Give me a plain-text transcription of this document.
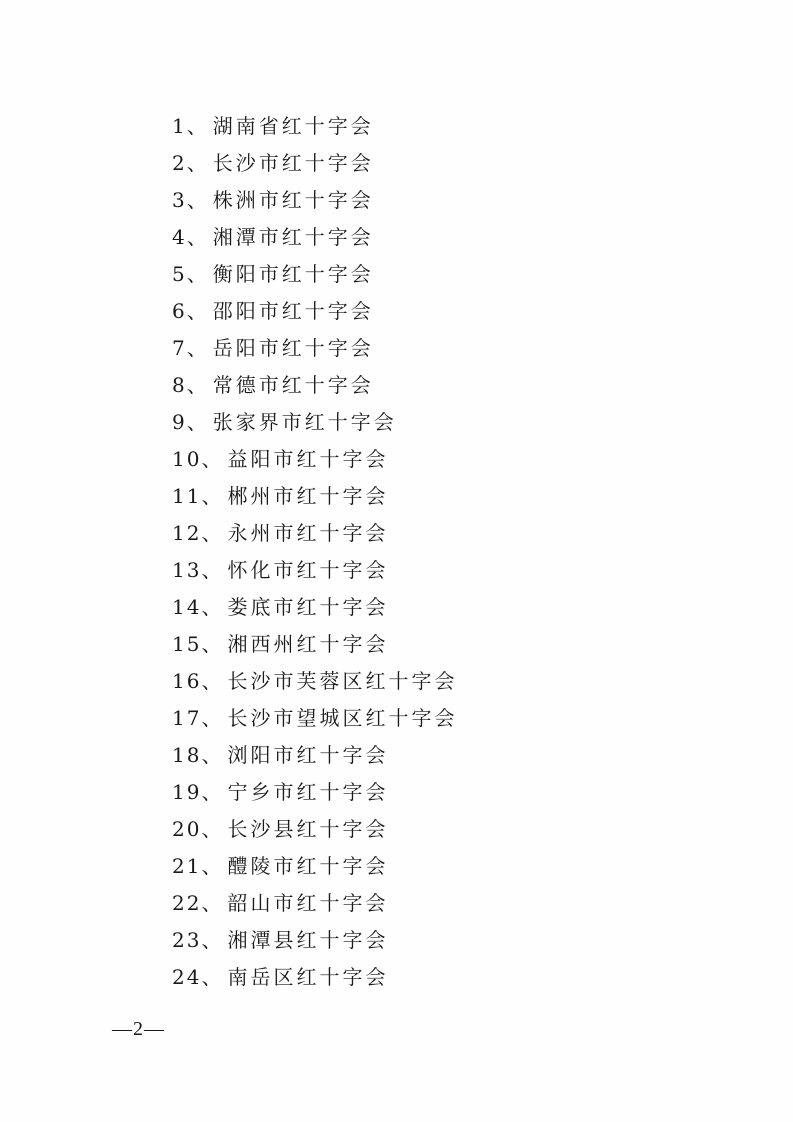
1 、 湖南省红十字会
2 、 长沙市红十字会
3 、 株洲市红十字会
4 、 湘潭市红十字会
5 、 衡阳市红十字会
6 、 邵阳市红十字会
7 、 岳阳市红十字会
8 、 常德市红十字会
9 、 张家界市红十字会
10 、 益阳市红十字会
11 、 郴州市红十字会
12 、 永州市红十字会
13 、 怀化市红十字会
14 、 娄底市红十字会
15 、 湘西州红十字会
16 、 长沙市芙蓉区红十字会
17 、 长沙市望城区红十字会
18 、 浏阳市红十字会
19 、 宁乡市红十字会
20 、 长沙县红十字会
21 、 醴陵市红十字会
22 、 韶山市红十字会
23 、 湘潭县红十字会
24 、 南岳区红十字会
—2—
